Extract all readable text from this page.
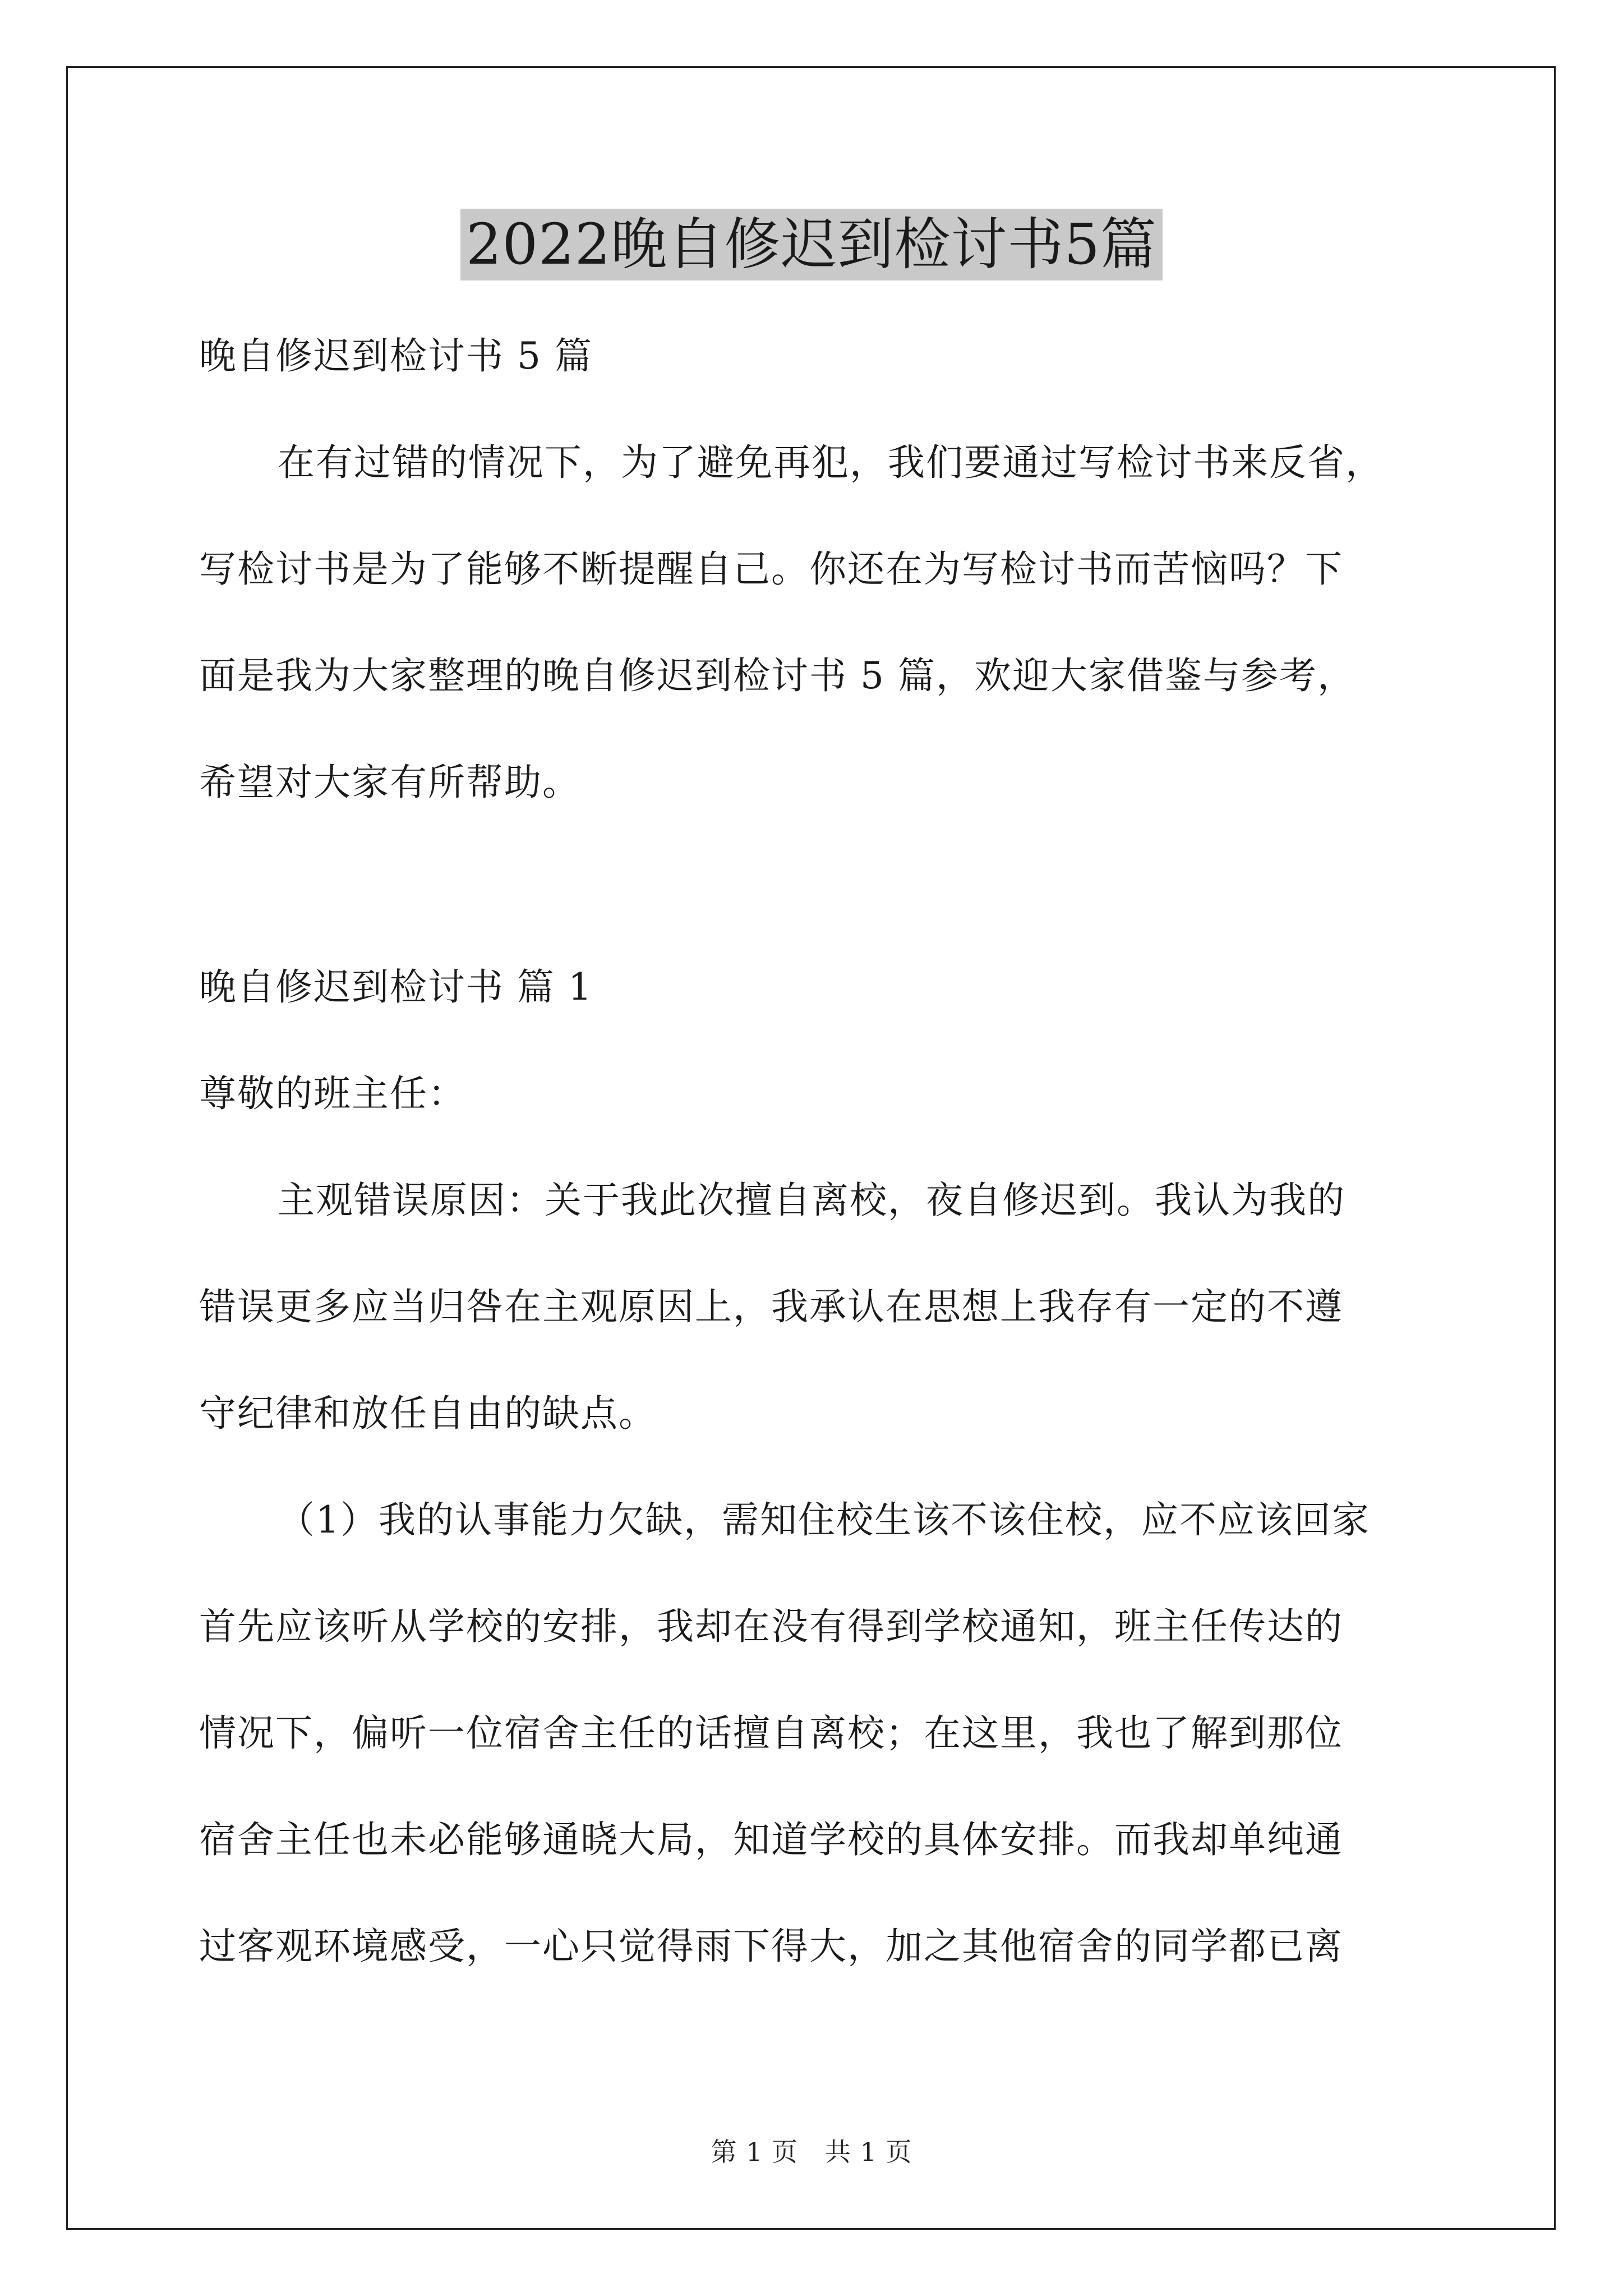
2022晚自修迟到检讨书5篇

晚自修迟到检讨书 5 篇

在有过错的情况下，为了避免再犯，我们要通过写检讨书来反省，

写检讨书是为了能够不断提醒自己。你还在为写检讨书而苦恼吗？下

面是我为大家整理的晚自修迟到检讨书 5 篇，欢迎大家借鉴与参考，

希望对大家有所帮助。

晚自修迟到检讨书 篇 1

尊敬的班主任：

主观错误原因：关于我此次擅自离校，夜自修迟到。我认为我的

错误更多应当归咎在主观原因上，我承认在思想上我存有一定的不遵

守纪律和放任自由的缺点。

（1）我的认事能力欠缺，需知住校生该不该住校，应不应该回家

首先应该听从学校的安排，我却在没有得到学校通知，班主任传达的

情况下，偏听一位宿舍主任的话擅自离校；在这里，我也了解到那位

宿舍主任也未必能够通晓大局，知道学校的具体安排。而我却单纯通

过客观环境感受，一心只觉得雨下得大，加之其他宿舍的同学都已离

第 1 页 共 1 页
